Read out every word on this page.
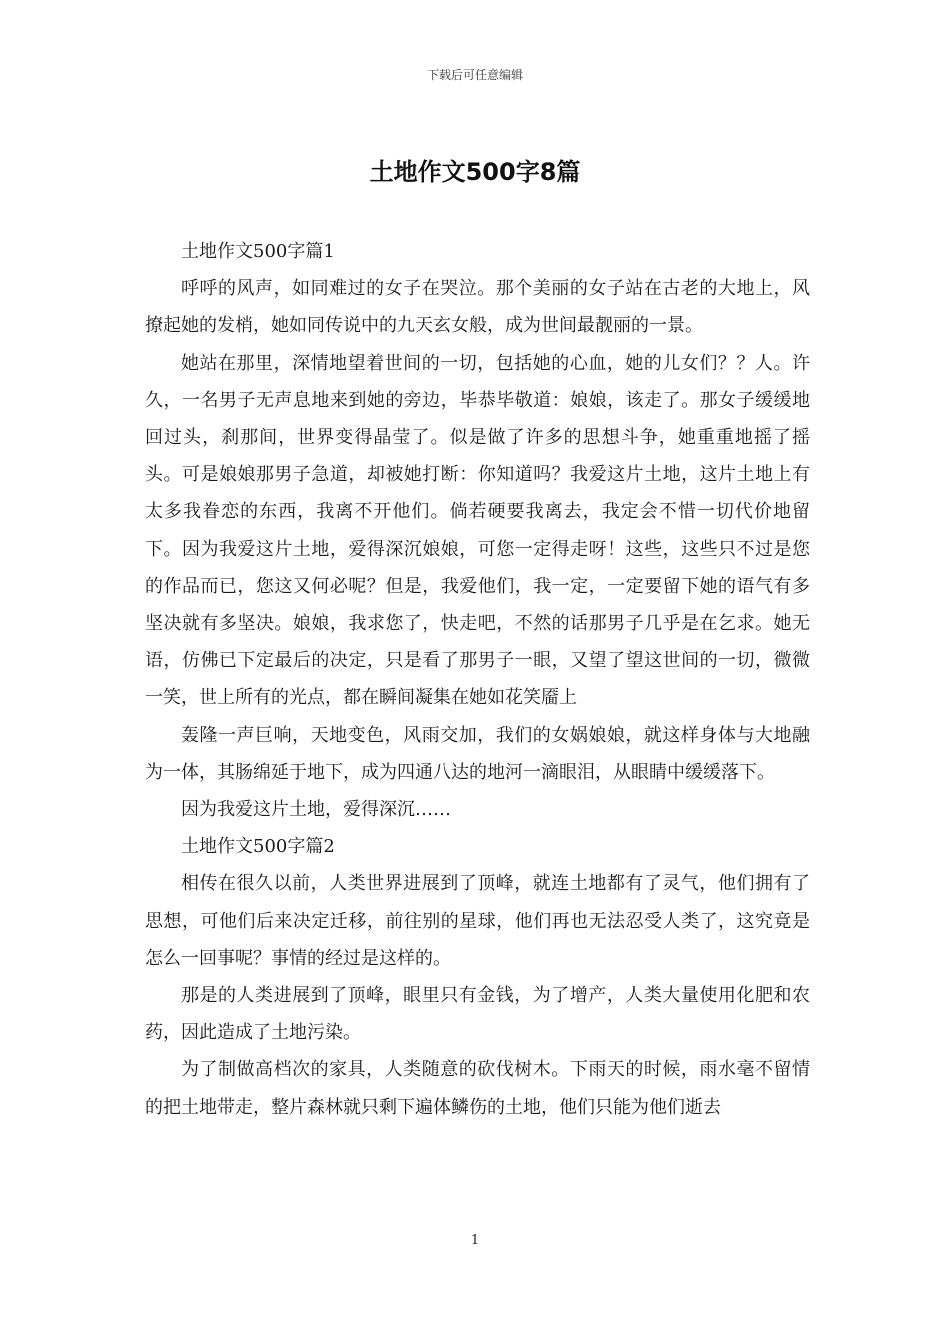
下载后可任意编辑
土地作文500字8篇

土地作文500字篇1

呼呼的风声，如同难过的女子在哭泣。那个美丽的女子站在古老的大地上，风撩起她的发梢，她如同传说中的九天玄女般，成为世间最靓丽的一景。

她站在那里，深情地望着世间的一切，包括她的心血，她的儿女们？？人。许久，一名男子无声息地来到她的旁边，毕恭毕敬道：娘娘，该走了。那女子缓缓地回过头，刹那间，世界变得晶莹了。似是做了许多的思想斗争，她重重地摇了摇头。可是娘娘那男子急道，却被她打断：你知道吗？我爱这片土地，这片土地上有太多我眷恋的东西，我离不开他们。倘若硬要我离去，我定会不惜一切代价地留下。因为我爱这片土地，爱得深沉娘娘，可您一定得走呀！这些，这些只不过是您的作品而已，您这又何必呢？但是，我爱他们，我一定，一定要留下她的语气有多坚决就有多坚决。娘娘，我求您了，快走吧，不然的话那男子几乎是在乞求。她无语，仿佛已下定最后的决定，只是看了那男子一眼，又望了望这世间的一切，微微一笑，世上所有的光点，都在瞬间凝集在她如花笑靥上

轰隆一声巨响，天地变色，风雨交加，我们的女娲娘娘，就这样身体与大地融为一体，其肠绵延于地下，成为四通八达的地河一滴眼泪，从眼睛中缓缓落下。

因为我爱这片土地，爱得深沉……

土地作文500字篇2

相传在很久以前，人类世界进展到了顶峰，就连土地都有了灵气，他们拥有了思想，可他们后来决定迁移，前往别的星球，他们再也无法忍受人类了，这究竟是怎么一回事呢？事情的经过是这样的。

那是的人类进展到了顶峰，眼里只有金钱，为了增产，人类大量使用化肥和农药，因此造成了土地污染。

为了制做高档次的家具，人类随意的砍伐树木。下雨天的时候，雨水毫不留情的把土地带走，整片森林就只剩下遍体鳞伤的土地，他们只能为他们逝去

1
